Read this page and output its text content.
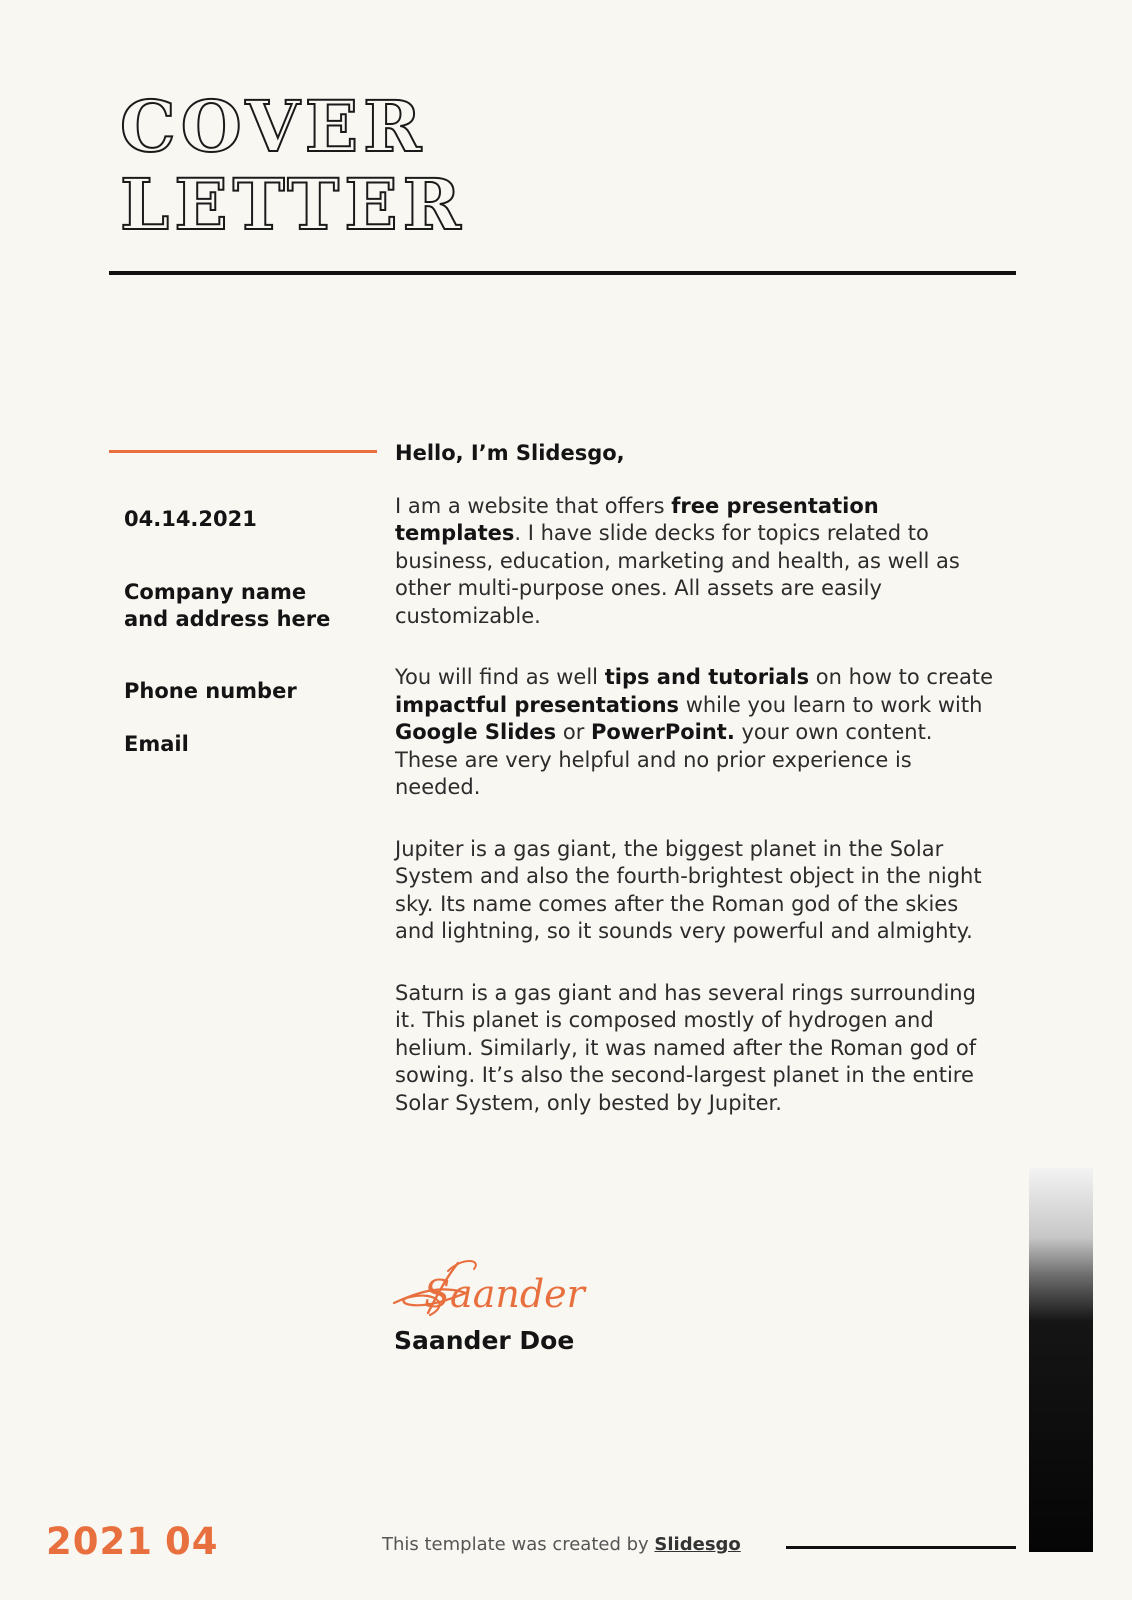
COVER
LETTER
04.14.2021
Company name
and address here
Phone number
Email

Hello, I’m Slidesgo,

I am a website that offers free presentation templates. I have slide decks for topics related to business, education, marketing and health, as well as other multi-purpose ones. All assets are easily customizable.

You will find as well tips and tutorials on how to create impactful presentations while you learn to work with Google Slides or PowerPoint. your own content. These are very helpful and no prior experience is needed.

Jupiter is a gas giant, the biggest planet in the Solar System and also the fourth-brightest object in the night sky. Its name comes after the Roman god of the skies and lightning, so it sounds very powerful and almighty.

Saturn is a gas giant and has several rings surrounding it. This planet is composed mostly of hydrogen and helium. Similarly, it was named after the Roman god of sowing. It’s also the second-largest planet in the entire Solar System, only bested by Jupiter.

Saander
Saander Doe
2021 04	This template was created by Slidesgo
